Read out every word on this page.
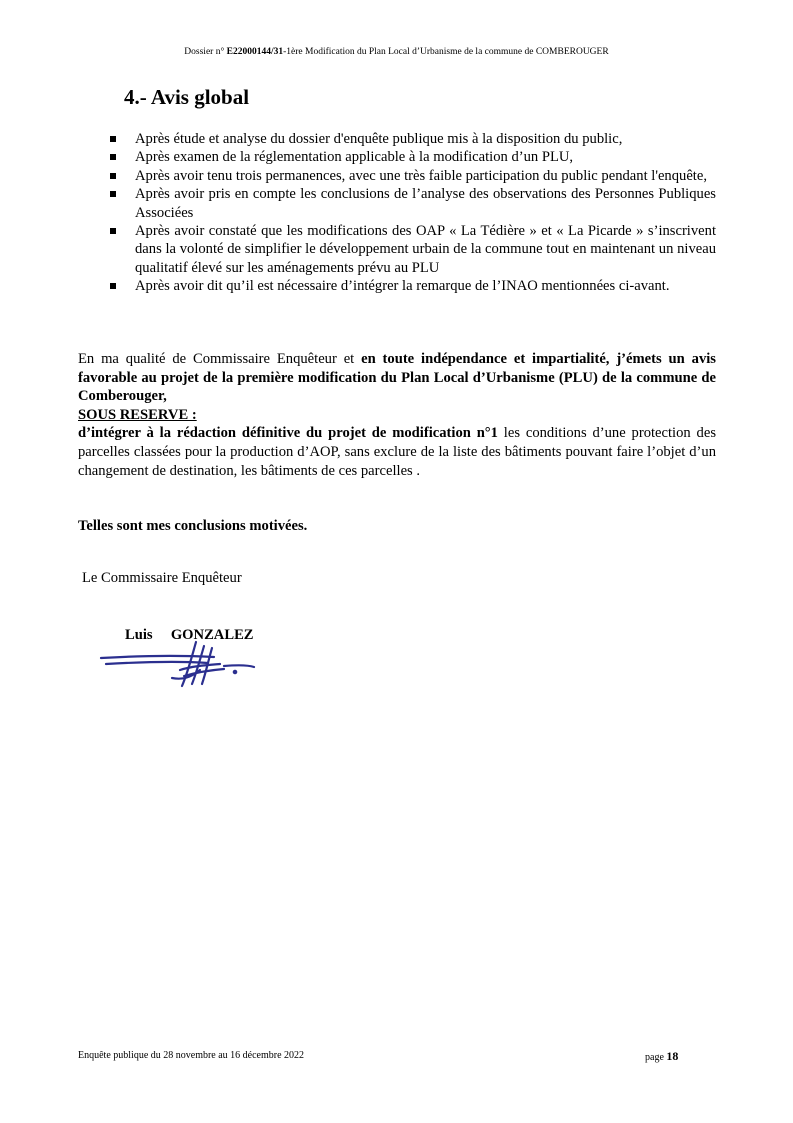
Dossier n° E22000144/31-1ère Modification du Plan Local d’Urbanisme de la commune de COMBEROUGER
4.- Avis global
Après étude et analyse du dossier d'enquête publique mis à la disposition du public,
Après examen de la réglementation applicable à la modification d’un PLU,
Après avoir tenu trois permanences, avec une très faible participation du public pendant l'enquête,
Après avoir pris en compte les conclusions de l’analyse des observations des Personnes Publiques Associées
Après avoir constaté que les modifications des OAP « La Tédière » et « La Picarde » s’inscrivent dans la volonté de simplifier le développement urbain de la commune tout en maintenant un niveau qualitatif élevé sur les aménagements prévu au PLU
Après avoir dit qu’il est nécessaire d’intégrer la remarque de l’INAO mentionnées ci-avant.
En ma qualité de Commissaire Enquêteur et en toute indépendance et impartialité, j’émets un avis favorable au projet de la première modification du Plan Local d’Urbanisme (PLU) de la commune de Comberouger,
SOUS RESERVE :
d’intégrer à la rédaction définitive du projet de modification n°1 les conditions d’une protection des parcelles classées pour la production d’AOP, sans exclure de la liste des bâtiments pouvant faire l’objet d’un changement de destination, les bâtiments de ces parcelles .
Telles sont mes conclusions motivées.
Le Commissaire Enquêteur
Luis     GONZALEZ
Enquête publique du 28 novembre au 16 décembre 2022	page 18
